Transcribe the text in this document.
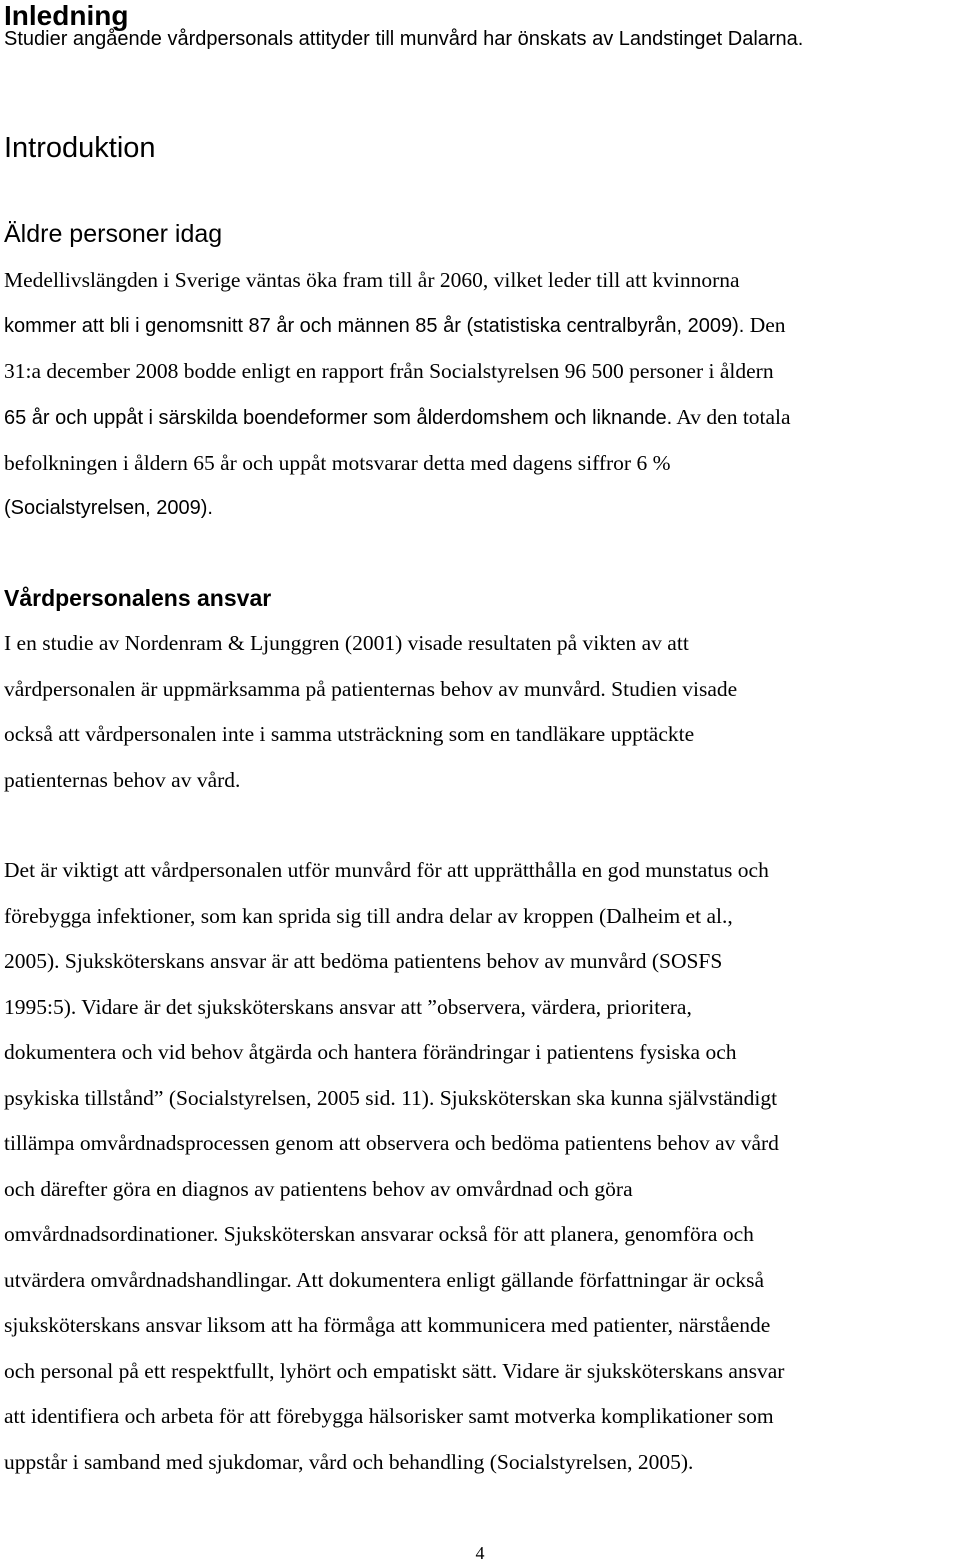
Inledning

Studier angående vårdpersonals attityder till munvård har önskats av Landstinget Dalarna.

Introduktion
Äldre personer idag

Medellivslängden i Sverige väntas öka fram till år 2060, vilket leder till att kvinnorna

kommer att bli i genomsnitt 87 år och männen 85 år (statistiska centralbyrån, 2009). Den

31:a december 2008 bodde enligt en rapport från Socialstyrelsen 96 500 personer i åldern

65 år och uppåt i särskilda boendeformer som ålderdomshem och liknande. Av den totala

befolkningen i åldern 65 år och uppåt motsvarar detta med dagens siffror 6 %

(Socialstyrelsen, 2009).

Vårdpersonalens ansvar

I en studie av Nordenram & Ljunggren (2001) visade resultaten på vikten av att

vårdpersonalen är uppmärksamma på patienternas behov av munvård. Studien visade

också att vårdpersonalen inte i samma utsträckning som en tandläkare upptäckte

patienternas behov av vård.

Det är viktigt att vårdpersonalen utför munvård för att upprätthålla en god munstatus och

förebygga infektioner, som kan sprida sig till andra delar av kroppen (Dalheim et al.,

2005). Sjuksköterskans ansvar är att bedöma patientens behov av munvård (SOSFS

1995:5). Vidare är det sjuksköterskans ansvar att ”observera, värdera, prioritera,

dokumentera och vid behov åtgärda och hantera förändringar i patientens fysiska och

psykiska tillstånd” (Socialstyrelsen, 2005 sid. 11). Sjuksköterskan ska kunna självständigt

tillämpa omvårdnadsprocessen genom att observera och bedöma patientens behov av vård

och därefter göra en diagnos av patientens behov av omvårdnad och göra

omvårdnadsordinationer. Sjuksköterskan ansvarar också för att planera, genomföra och

utvärdera omvårdnadshandlingar. Att dokumentera enligt gällande författningar är också

sjuksköterskans ansvar liksom att ha förmåga att kommunicera med patienter, närstående

och personal på ett respektfullt, lyhört och empatiskt sätt. Vidare är sjuksköterskans ansvar

att identifiera och arbeta för att förebygga hälsorisker samt motverka komplikationer som

uppstår i samband med sjukdomar, vård och behandling (Socialstyrelsen, 2005).

4
